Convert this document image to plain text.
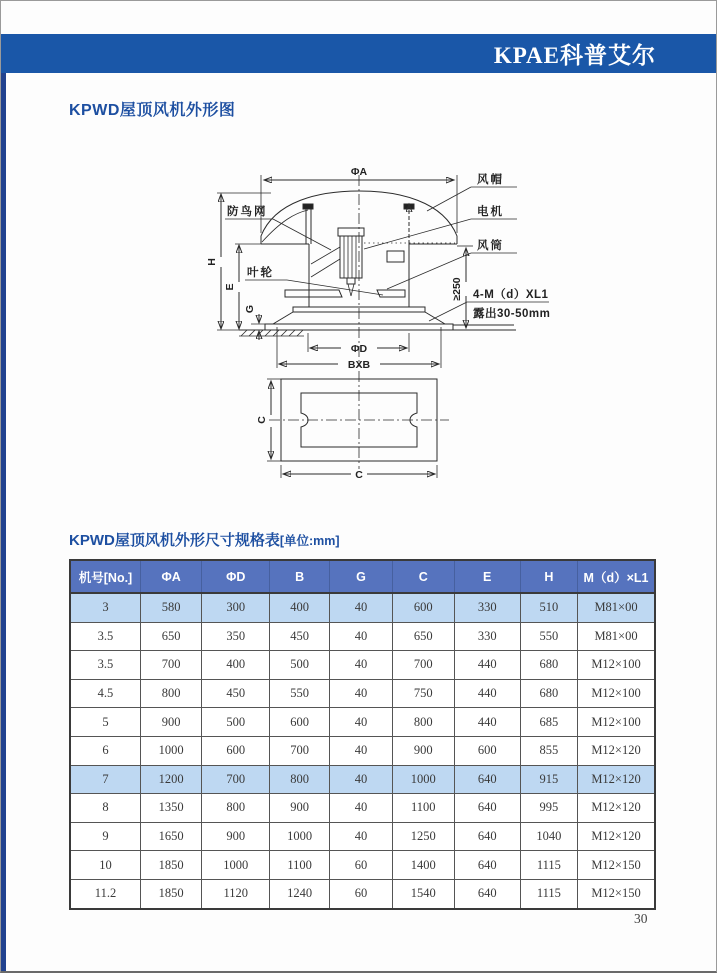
KPAE科普艾尔
KPWD屋顶风机外形图
ΦA
H
E
G
≥250
ΦD
BXB
风帽
电机
风筒
4-M（d）XL1
露出30-50mm
防鸟网
叶轮
C
C
KPWD屋顶风机外形尺寸规格表[单位:mm]
机号[No.]	ΦA	ΦD	B	G	C	E	H	M（d）×L1
3	580	300	400	40	600	330	510	M81×00
3.5	650	350	450	40	650	330	550	M81×00
3.5	700	400	500	40	700	440	680	M12×100
4.5	800	450	550	40	750	440	680	M12×100
5	900	500	600	40	800	440	685	M12×100
6	1000	600	700	40	900	600	855	M12×120
7	1200	700	800	40	1000	640	915	M12×120
8	1350	800	900	40	1100	640	995	M12×120
9	1650	900	1000	40	1250	640	1040	M12×120
10	1850	1000	1100	60	1400	640	1115	M12×150
11.2	1850	1120	1240	60	1540	640	1115	M12×150
30
